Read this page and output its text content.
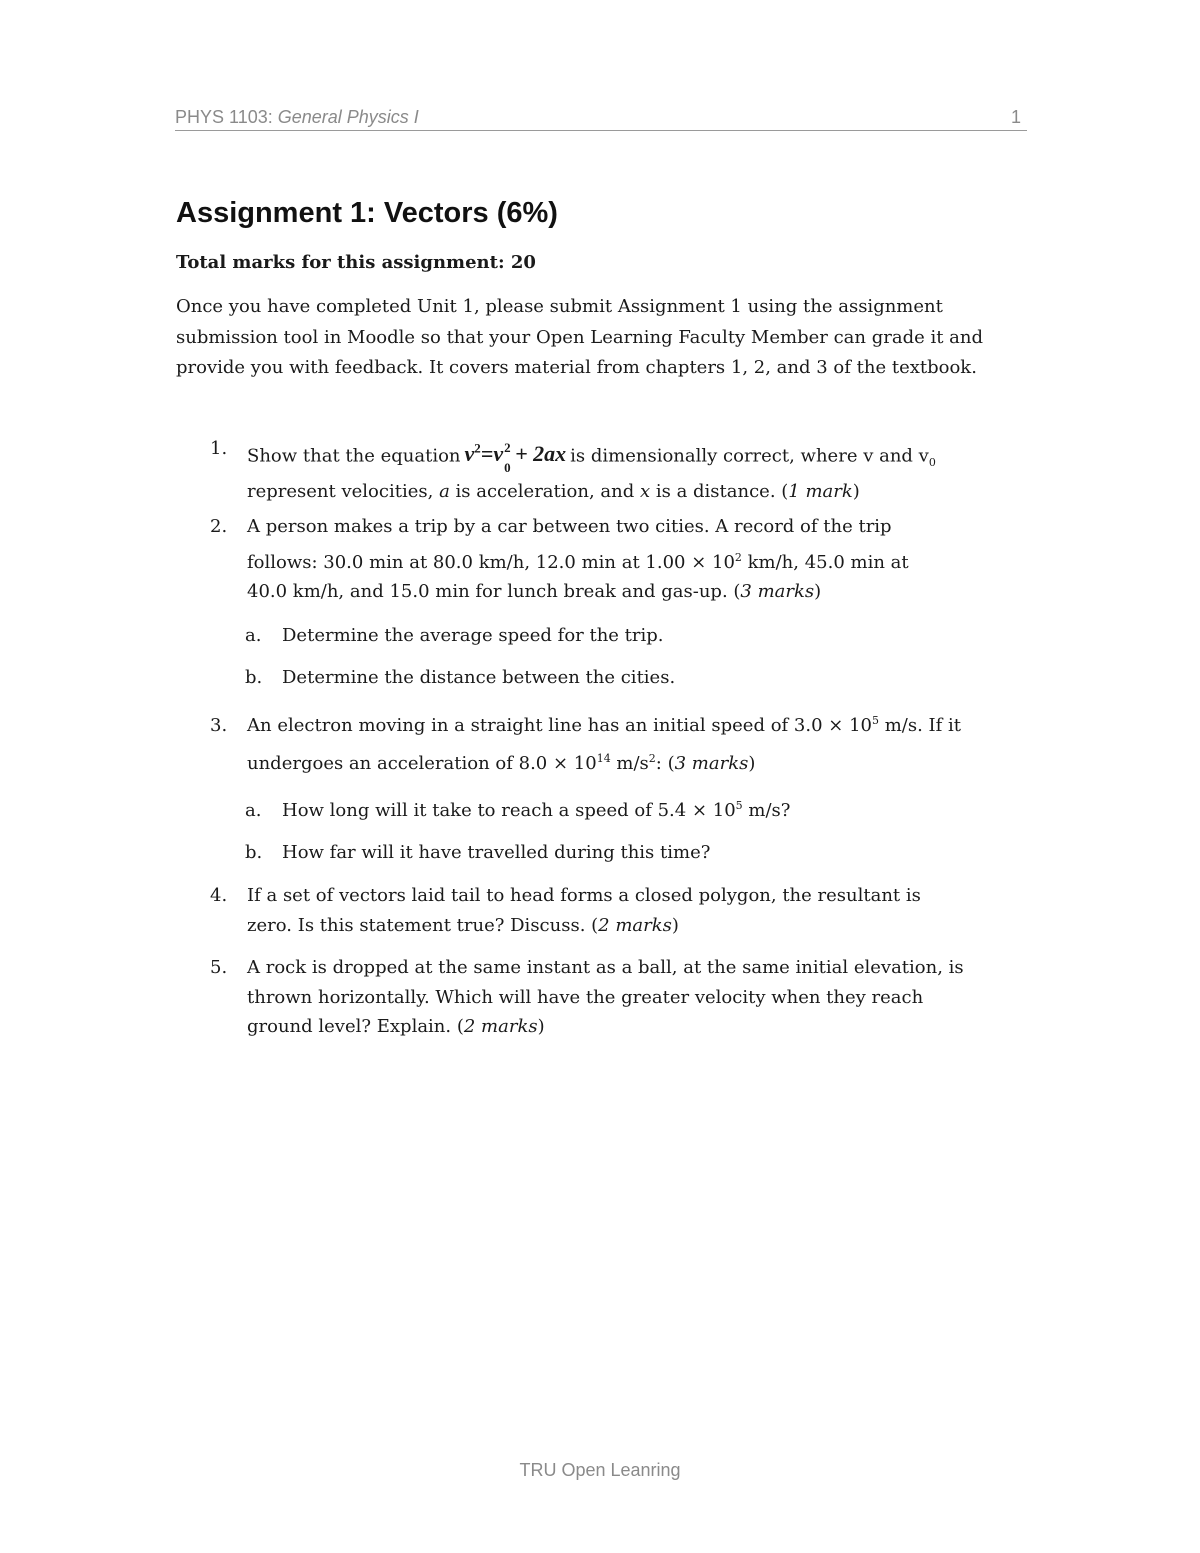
PHYS 1103: General Physics I	1
Assignment 1: Vectors (6%)

Total marks for this assignment: 20

Once you have completed Unit 1, please submit Assignment 1 using the assignment submission tool in Moodle so that your Open Learning Faculty Member can grade it and provide you with feedback. It covers material from chapters 1, 2, and 3 of the textbook.

1. Show that the equation $v^2=v$ 2
0
+ 2ax is dimensionally correct, where v and $v_0$
represent velocities, a is acceleration, and x is a distance. (1 mark)
2. A person makes a trip by a car between two cities. A record of the trip
follows: 30.0 min at 80.0 km/h, 12.0 min at $1.00 \times 10^2$ km/h, 45.0 min at
40.0 km/h, and 15.0 min for lunch break and gas-up. (3 marks)
a. Determine the average speed for the trip.
b. Determine the distance between the cities.
3. An electron moving in a straight line has an initial speed of $3.0 \times 10^5$ m/s. If it
undergoes an acceleration of $8.0 \times 10^{14}$ $m/s^2$: (3 marks)
a. How long will it take to reach a speed of $5.4 \times 10^5$ m/s?
b. How far will it have travelled during this time?
4. If a set of vectors laid tail to head forms a closed polygon, the resultant is
zero. Is this statement true? Discuss. (2 marks)
5. A rock is dropped at the same instant as a ball, at the same initial elevation, is
thrown horizontally. Which will have the greater velocity when they reach
ground level? Explain. (2 marks)
TRU Open Leanring
